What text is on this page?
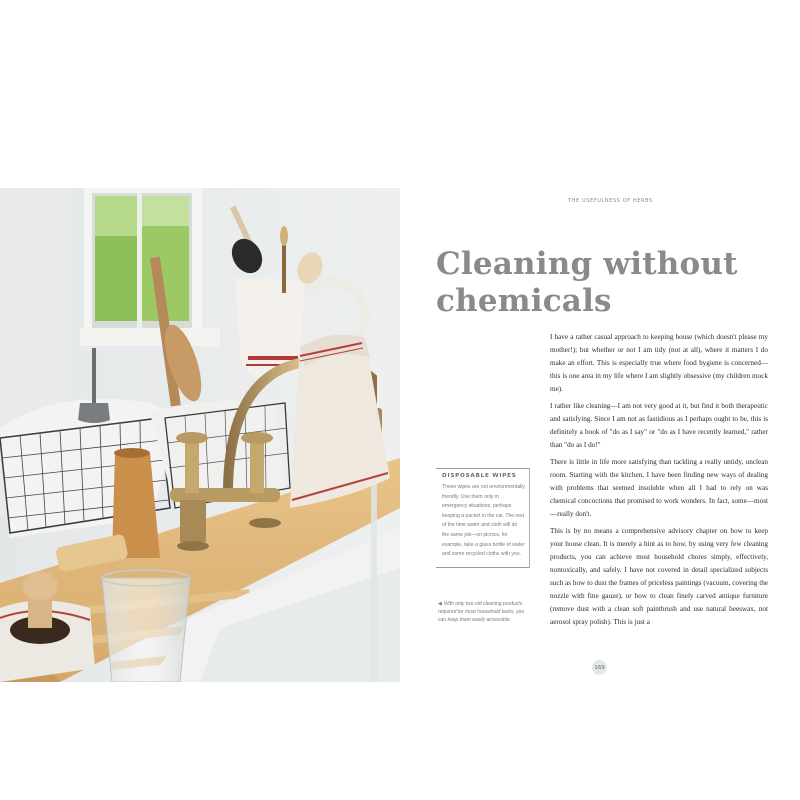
THE USEFULNESS OF HERBS
Cleaning without
chemicals

I have a rather casual approach to keeping house (which doesn't please my mother!); but whether or not I am tidy (not at all), where it matters I do make an effort. This is especially true where food hygiene is concerned—this is one area in my life where I am slightly obsessive (my children mock me).

I rather like cleaning—I am not very good at it, but find it both therapeutic and satisfying. Since I am not as fastidious as I perhaps ought to be, this is definitely a book of "do as I say" or "do as I have recently learned," rather than "do as I do!"

There is little in life more satisfying than tackling a really untidy, unclean room. Starting with the kitchen, I have been finding new ways of dealing with problems that seemed insoluble when all I had to rely on was chemical concoctions that promised to work wonders. In fact, some—most—really don't.

This is by no means a comprehensive advisory chapter on how to keep your house clean. It is merely a hint as to how, by using very few cleaning products, you can achieve most household chores simply, effectively, nontoxically, and safely. I have not covered in detail specialized subjects such as how to dust the frames of priceless paintings (vacuum, covering the nozzle with fine gauze), or how to clean finely carved antique furniture (remove dust with a clean soft paintbrush and use natural beeswax, not aerosol spray polish). This is just a

DISPOSABLE WIPES
These wipes are not environmentally friendly. Use them only in emergency situations, perhaps keeping a packet in the car. The rest of the time water and cloth will do the same job—on picnics, for example, take a glass bottle of water and some recycled cloths with you.
◀ With only two old cleaning products required for most household tasks, you can keep them easily accessible.
169
